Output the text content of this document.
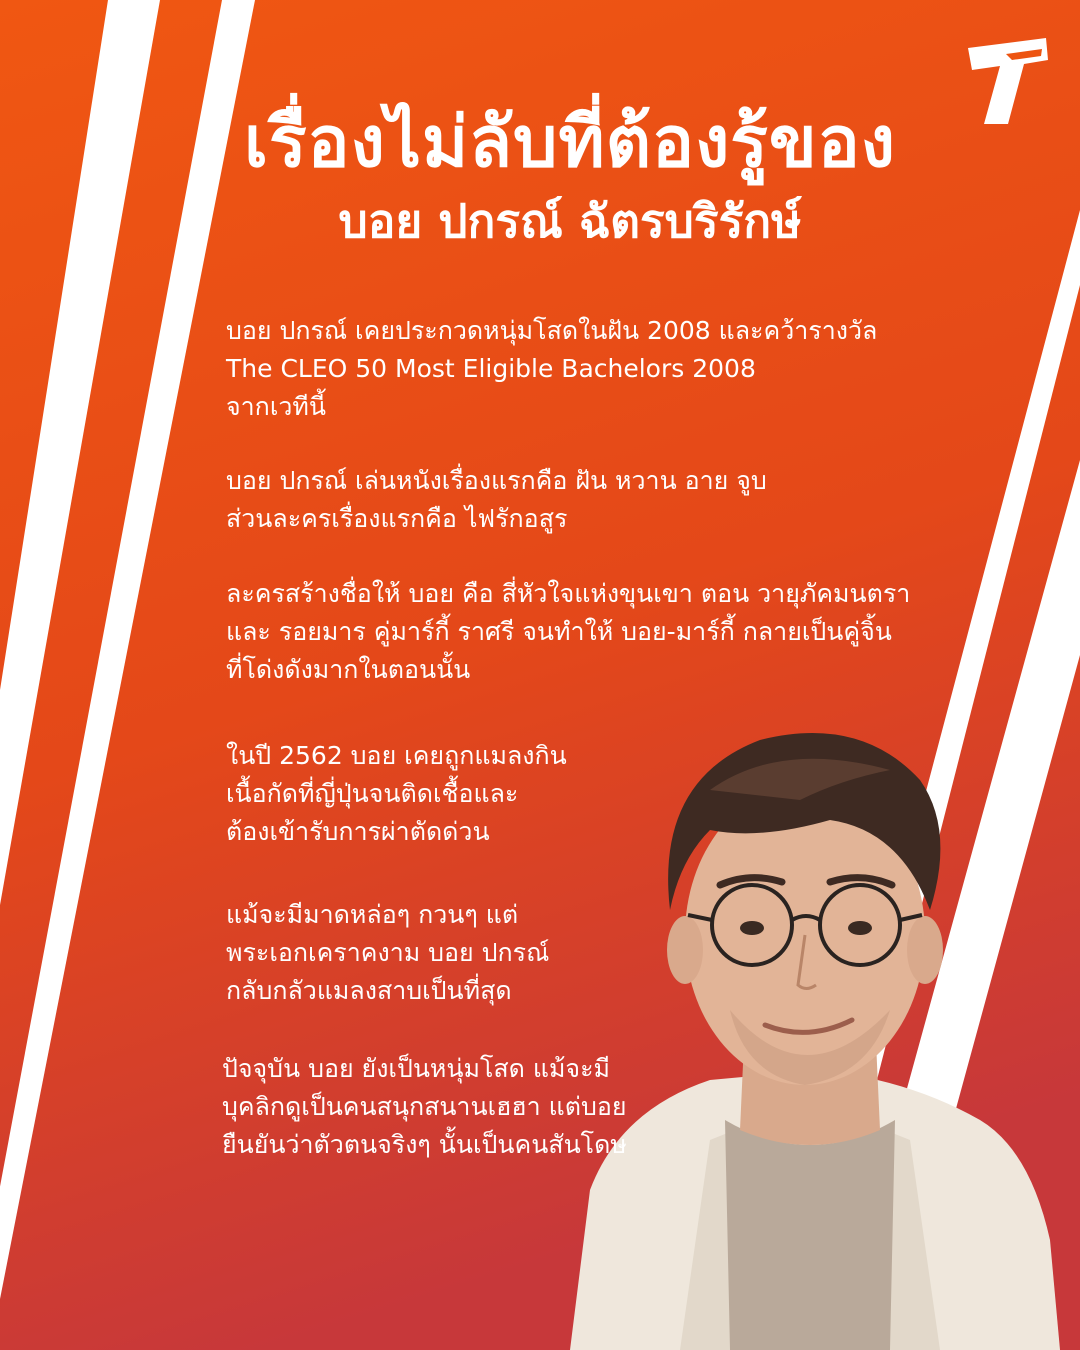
เรื่องไม่ลับที่ต้องรู้ของ
บอย ปกรณ์ ฉัตรบริรักษ์
บอย ปกรณ์ เคยประกวดหนุ่มโสดในฝัน 2008 และคว้ารางวัล
The CLEO 50 Most Eligible Bachelors 2008
จากเวทีนี้
บอย ปกรณ์ เล่นหนังเรื่องแรกคือ ฝัน หวาน อาย จูบ
ส่วนละครเรื่องแรกคือ ไฟรักอสูร
ละครสร้างชื่อให้ บอย คือ สี่หัวใจแห่งขุนเขา ตอน วายุภัคมนตรา
และ รอยมาร คู่มาร์กี้ ราศรี จนทำให้ บอย-มาร์กี้ กลายเป็นคู่จิ้น
ที่โด่งดังมากในตอนนั้น
ในปี 2562 บอย เคยถูกแมลงกิน
เนื้อกัดที่ญี่ปุ่นจนติดเชื้อและ
ต้องเข้ารับการผ่าตัดด่วน
แม้จะมีมาดหล่อๆ กวนๆ แต่
พระเอกเคราคงาม บอย ปกรณ์
กลับกลัวแมลงสาบเป็นที่สุด
ปัจจุบัน บอย ยังเป็นหนุ่มโสด แม้จะมี
บุคลิกดูเป็นคนสนุกสนานเฮฮา แต่บอย
ยืนยันว่าตัวตนจริงๆ นั้นเป็นคนสันโดษ
